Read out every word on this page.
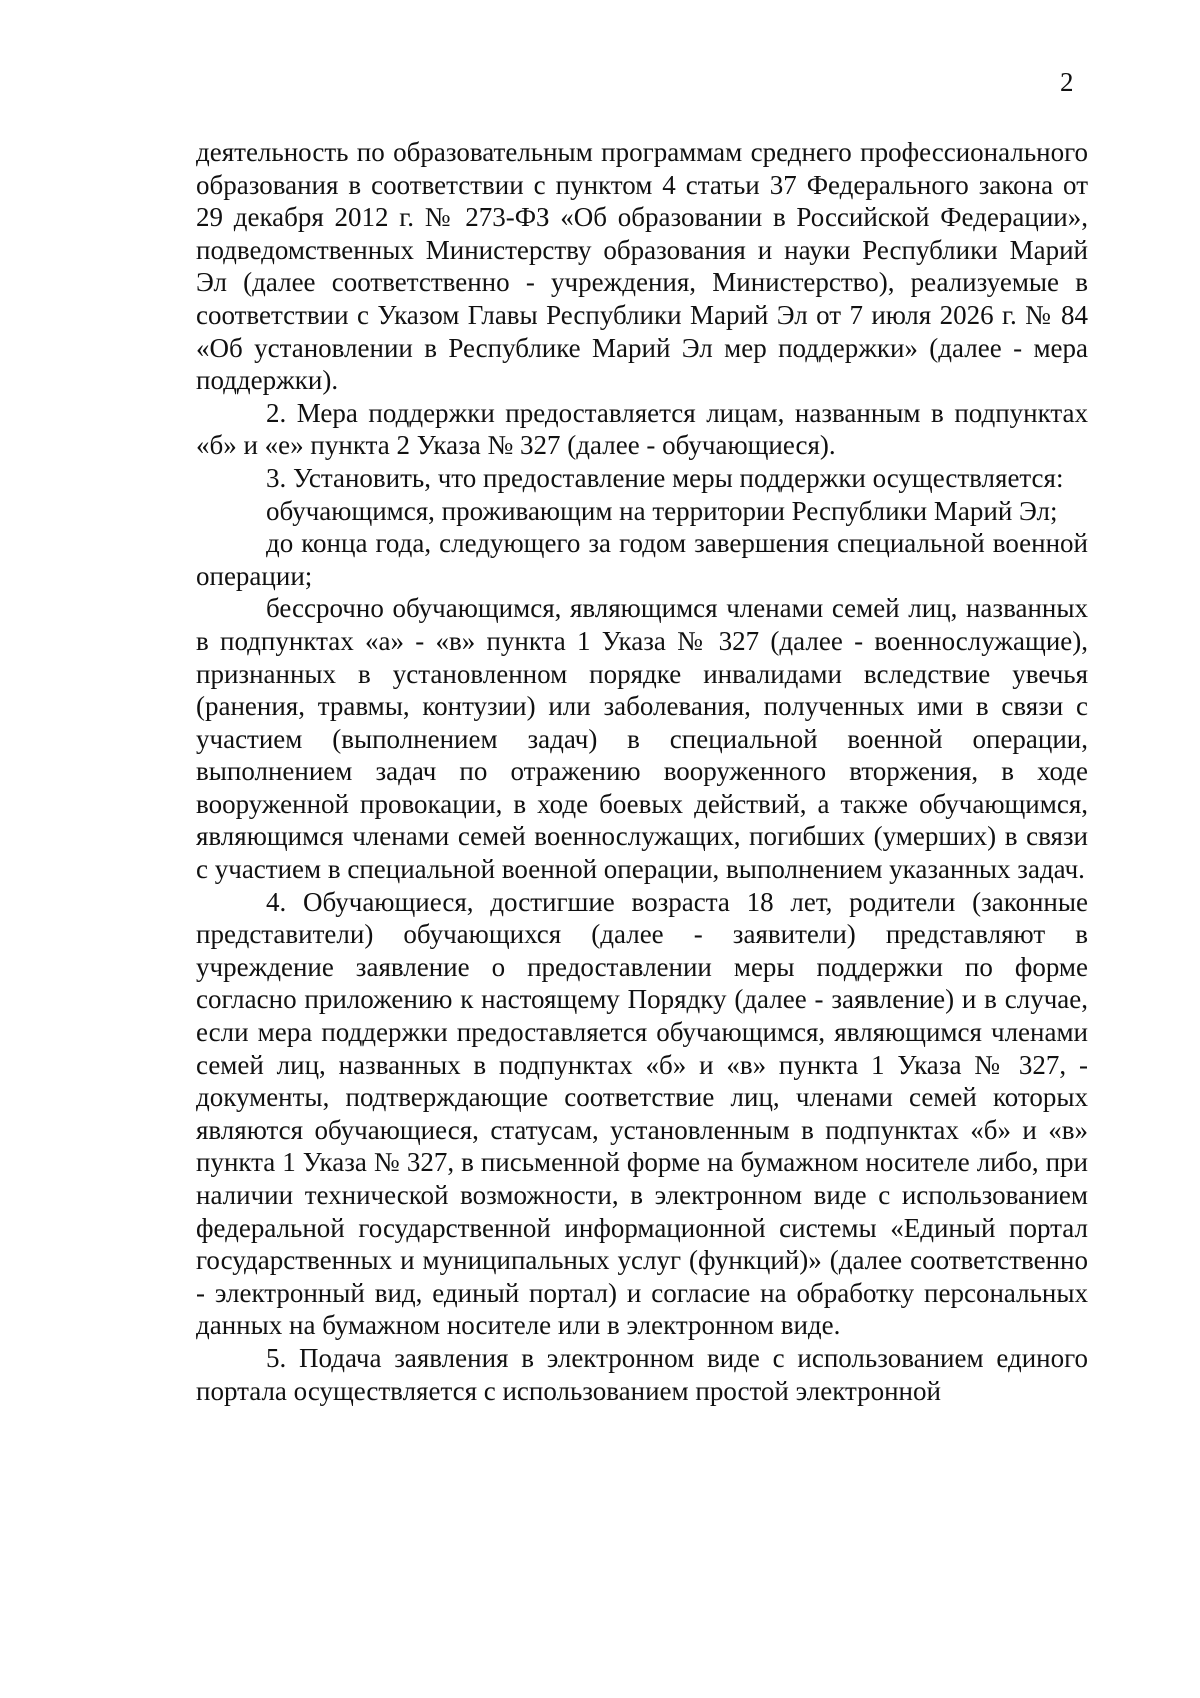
2

деятельность по образовательным программам среднего профессионального образования в соответствии с пунктом 4 статьи 37 Федерального закона от 29 декабря 2012 г. № 273-ФЗ «Об образовании в Российской Федерации», подведомственных Министерству образования и науки Республики Марий Эл (далее соответственно - учреждения, Министерство), реализуемые в соответствии с Указом Главы Республики Марий Эл от 7 июля 2026 г. № 84 «Об установлении в Республике Марий Эл мер поддержки» (далее - мера поддержки).

2. Мера поддержки предоставляется лицам, названным в подпунктах «б» и «е» пункта 2 Указа № 327 (далее - обучающиеся).

3. Установить, что предоставление меры поддержки осуществляется:

обучающимся, проживающим на территории Республики Марий Эл;

до конца года, следующего за годом завершения специальной военной операции;

бессрочно обучающимся, являющимся членами семей лиц, названных в подпунктах «а» - «в» пункта 1 Указа № 327 (далее - военнослужащие), признанных в установленном порядке инвалидами вследствие увечья (ранения, травмы, контузии) или заболевания, полученных ими в связи с участием (выполнением задач) в специальной военной операции, выполнением задач по отражению вооруженного вторжения, в ходе вооруженной провокации, в ходе боевых действий, а также обучающимся, являющимся членами семей военнослужащих, погибших (умерших) в связи с участием в специальной военной операции, выполнением указанных задач.

4. Обучающиеся, достигшие возраста 18 лет, родители (законные представители) обучающихся (далее - заявители) представляют в учреждение заявление о предоставлении меры поддержки по форме согласно приложению к настоящему Порядку (далее - заявление) и в случае, если мера поддержки предоставляется обучающимся, являющимся членами семей лиц, названных в подпунктах «б» и «в» пункта 1 Указа № 327, - документы, подтверждающие соответствие лиц, членами семей которых являются обучающиеся, статусам, установленным в подпунктах «б» и «в» пункта 1 Указа № 327, в письменной форме на бумажном носителе либо, при наличии технической возможности, в электронном виде с использованием федеральной государственной информационной системы «Единый портал государственных и муниципальных услуг (функций)» (далее соответственно - электронный вид, единый портал) и согласие на обработку персональных данных на бумажном носителе или в электронном виде.

5. Подача заявления в электронном виде с использованием единого портала осуществляется с использованием простой электронной
